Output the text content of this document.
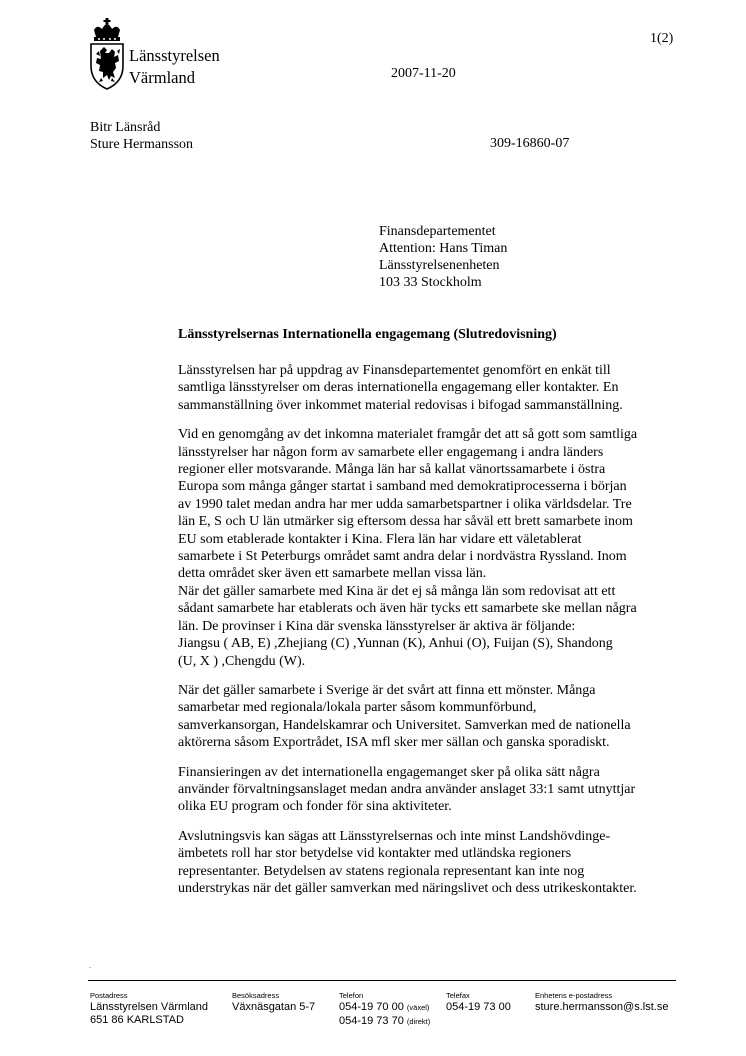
Länsstyrelsen
Värmland
1(2)
2007-11-20
Bitr Länsråd
Sture Hermansson	309-16860-07
Finansdepartementet
Attention: Hans Timan
Länsstyrelsenenheten
103 33 Stockholm
Länsstyrelsernas Internationella engagemang (Slutredovisning)

Länsstyrelsen har på uppdrag av Finansdepartementet genomfört en enkät till
samtliga länsstyrelser om deras internationella engagemang eller kontakter. En
sammanställning över inkommet material redovisas i bifogad sammanställning.

Vid en genomgång av det inkomna materialet framgår det att så gott som samtliga
länsstyrelser har någon form av samarbete eller engagemang i andra länders
regioner eller motsvarande. Många län har så kallat vänortssamarbete i östra
Europa som många gånger startat i samband med demokratiprocesserna i början
av 1990 talet medan andra har mer udda samarbetspartner i olika världsdelar. Tre
län E, S och U län utmärker sig eftersom dessa har såväl ett brett samarbete inom
EU som etablerade kontakter i Kina. Flera län har vidare ett väletablerat
samarbete i St Peterburgs området samt andra delar i nordvästra Ryssland. Inom
detta området sker även ett samarbete mellan vissa län.
När det gäller samarbete med Kina är det ej så många län som redovisat att ett
sådant samarbete har etablerats och även här tycks ett samarbete ske mellan några
län. De provinser i Kina där svenska länsstyrelser är aktiva är följande:
Jiangsu ( AB, E) ,Zhejiang (C) ,Yunnan (K), Anhui (O), Fuijan (S), Shandong
(U, X ) ,Chengdu (W).

När det gäller samarbete i Sverige är det svårt att finna ett mönster. Många
samarbetar med regionala/lokala parter såsom kommunförbund,
samverkansorgan, Handelskamrar och Universitet. Samverkan med de nationella
aktörerna såsom Exportrådet, ISA mfl sker mer sällan och ganska sporadiskt.

Finansieringen av det internationella engagemanget sker på olika sätt några
använder förvaltningsanslaget medan andra använder anslaget 33:1 samt utnyttjar
olika EU program och fonder för sina aktiviteter.

Avslutningsvis kan sägas att Länsstyrelsernas och inte minst Landshövdinge-
ämbetets roll har stor betydelse vid kontakter med utländska regioners
representanter. Betydelsen av statens regionala representant kan inte nog
understrykas när det gäller samverkan med näringslivet och dess utrikeskontakter.

.
Postadress
Länsstyrelsen Värmland
651 86 KARLSTAD
Besöksadress
Växnäsgatan 5-7
Telefon
054-19 70 00 (växel)
054-19 73 70 (direkt)
Telefax
054-19 73 00
Enhetens e-postadress
sture.hermansson@s.lst.se
